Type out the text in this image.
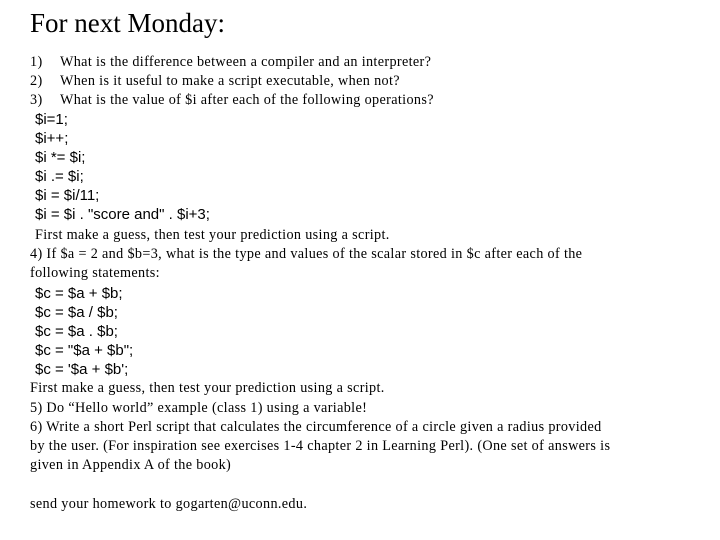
For next Monday:
1) What is the difference between a compiler and an interpreter?
2) When is it useful to make a script executable, when not?
3) What is the value of $i after each of the following operations?
$i=1;
$i++;
$i *= $i;
$i .= $i;
$i = $i/11;
$i = $i . "score and" . $i+3;
First make a guess, then test your prediction using a script.
4) If $a = 2 and $b=3, what is the type and values of the scalar stored in $c after each of the
following statements:
$c = $a + $b;
$c = $a / $b;
$c = $a . $b;
$c = "$a + $b";
$c = '$a + $b';
First make a guess, then test your prediction using a script.
5) Do “Hello world” example (class 1) using a variable!
6) Write a short Perl script that calculates the circumference of a circle given a radius provided
by the user. (For inspiration see exercises 1-4 chapter 2 in Learning Perl). (One set of answers is
given in Appendix A of the book)
send your homework to gogarten@uconn.edu.
